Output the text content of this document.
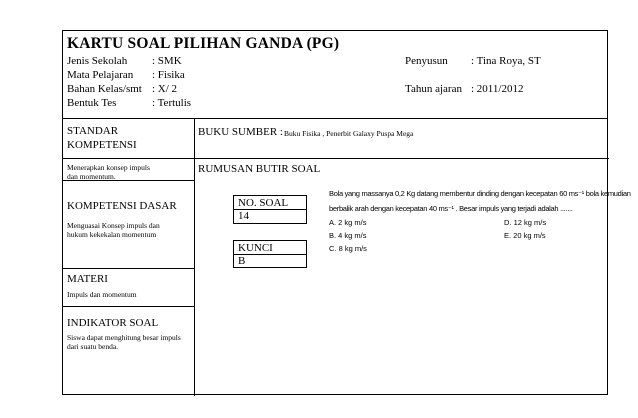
KARTU SOAL PILIHAN GANDA (PG)
Jenis Sekolah : SMK
Mata Pelajaran : Fisika
Bahan Kelas/smt : X/ 2
Bentuk Tes	: Tertulis
Penyusun : Tina Roya, ST
Tahun ajaran : 2011/2012
STANDAR
KOMPETENSI
Menerapkan konsep impuls
dan momentum.
KOMPETENSI DASAR
Menguasai Konsep impuls dan
hukum kekekalan momentum
MATERI
Impuls dan momentum
INDIKATOR SOAL
Siswa dapat menghitung besar impuls
dari suatu benda.
BUKU SUMBER : Buku Fisika , Penerbit Galaxy Puspa Mega
RUMUSAN BUTIR SOAL
NO. SOAL
14
KUNCI
B
Bola yang massanya 0,2 Kg datang membentur dinding dengan kecepatan 60 ms⁻¹ bola kemudian
berbalik arah dengan kecepatan 40 ms⁻¹ . Besar impuls yang terjadi adalah .......
A. 2 kg m/s
B. 4 kg m/s
C. 8 kg m/s
D. 12 kg m/s
E. 20 kg m/s
